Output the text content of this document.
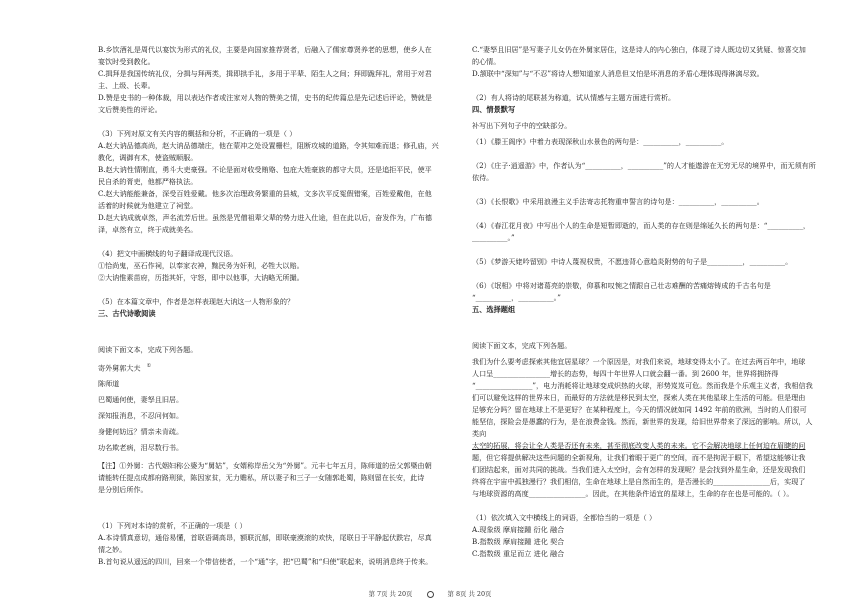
B.乡饮酒礼是周代以宴饮为形式的礼仪，主要是向国家推荐贤者，后融入了儒家尊贤养老的思想，使乡人在

宴饮时受到教化。

C.揖拜是我国传统礼仪，分揖与拜两类，揖即拱手礼，多用于平辈、陌生人之间；拜即跪拜礼，常用于对君

主、上级、长辈。

D.赞是史书的一种体裁，用以表达作者或注家对人物的赞美之情，史书的纪传篇总是先记述后评论，赞就是

文后赞美性的评论。

（3）下列对原文有关内容的概括和分析，不正确的一项是（ ）

A.赵大讷品德高尚，赵大讷品德端庄，他在蒙冲之处设置栅栏，阻断攻城的道路，令其知难而退；修孔庙，兴

教化，调御有术，使盗贼顺服。

B.赵大讷性情刚直，勇斗大吏豪强。不论是面对收受贿赂、包庇大姓豪族的都守大员，还是追拒平民，使平

民自杀的胥吏，他都严格执法。

C.赵大讷能能兼备，深受百姓爱戴。他多次治理政务繁重的县城，文多次平反冤假错案，百姓爱戴他，在他

活着的时候就为他建立了祠堂。

D.赵大讷成就卓然，声名流芳后世。虽然是咒僧祖辈父辈的势力进入仕途，但在此以后，奋发作为，广布德

泽，卓然有立，终于成就美名。

（4）把文中画横线的句子翻译成现代汉语。

①恰尚鬼，巫石作祠，以奉家衣神，黜民务为奸利，必牲大以赔。

②大讷惟素苗府，历指其奸，守怒，即中以他事，大讷略无所撮。

（5）在本篇文章中，作者是怎样表现赵大讷这一人物形象的？

三、古代诗歌阅读

阅读下面文本，完成下列各题。

寄外舅郭大夫 ①

陈师道

巴蜀通何使，妻孥且旧居。

深知报消息，不忍问何如。

身健何妨远？情亲未肯疏。

功名欺老病，泪尽数行书。

【注】①外舅：古代姻妇称公婆为“舅姑”，女婿称岸岳父为“外舅”。元丰七年五月，陈师道的岳父郭槩由朝

请能转任提点成都府路刑狱，陈因家贫，无力赡私，所以妻子和三子一女随郭赴蜀，陈则留在长安，此诗

是分别后所作。

（1）下列对本诗的赏析，不正确的一项是（ ）

A.本诗情真意切，通俗易懂，首联语调高昂，额联沉郁，即联豪漠滚的欢快，尾联日于平静起伏跌宕，尽真

情之妙。

B.首句说从遥远的四川，回来一个带信使者，一个“通”字，把“巴蜀”和“归使”联起来，说明消息终于传来。

C.“妻孥且旧居”是写妻子儿女仍在外舅家居住，这是诗人的内心独白，体现了诗人既边切又犹疑、惊喜交加

的心情。

D.颔联中“深知”与“不忍”将诗人想知道家人消息但又怕是坏消息的矛盾心理体现得淋漓尽致。

（2）有人将诗的尾联甚为称道，试从情感与主题方面进行赏析。

四、情景默写

补写出下列句子中的空缺部分。

（1）《滕王阁序》中着力表现深秋山水景色的两句是：__________，__________。

（2）《庄子·逍遥游》中，作者认为“__________，__________”的人才能遨游在无穷无尽的境界中，而无须有所

依待。

（3）《长恨歌》中采用浪漫主义手法寄志托物重申誓言的诗句是：__________，__________。

（4）《春江花月夜》中写出个人的生命是短暂即逝的，而人类的存在则是绵延久长的两句是：“__________，

__________。”

（5）《梦游天姥吟留别》中诗人蔑视权贵，不愿违背心意趋炎附势的句子是__________，__________。

（6）《氓相》中将对诸葛亮的崇敬，仰慕和叹惋之情跟自己壮志难酬的苦痛熔铸成的千古名句是

“__________，__________。”

五、选择题组

阅读下面文本，完成下列各题。

我们为什么要考虑探索其他宜居星球？一个原因是，对我们来说，地球变得太小了。在过去两百年中，地球

人口呈________________增长的态势，每四十年世界人口就会翻一番。到 2600 年，世界将拥挤得

“________________”，电力消耗将让地球变成炽热的火球，形势岌岌可危。然而我是个乐观主义者，我相信我

们可以避免这样的世界末日，而最好的方法就是移民到太空，探索人类在其他星球上生活的可能。但是理由

足够充分吗？留在地球上不是更好？在某种程度上，今天的情况就如同 1492 年前的欧洲，当时的人们很可

能坚信，探险会是愚蠢的行为，是在浪费金钱。然而，新世界的发现，给旧世界带来了深远的影响。所以，人类向

太空的拓展，将会让全人类是否还有未来，甚至彻底改变人类的未来。它不会解决地球上任何迫在眉睫的问

题，但它将提供解决这些问题的全新视角，让我们着眼于更广的空间，而不是拘泥于眼下，希望这能够让我

们团结起来，面对共同的挑战。当我们进入太空时，会有怎样的发现呢？是会找到外星生命，还是发现我们

终将在宇宙中孤独漫行？我们相信，生命在地球上是自然而生的，是否漫长的________________后，实现了

与地球资源的高度________________。因此，在其他条件适宜的星球上，生命的存在也是可能的。（ ）。

（1）依次填入文中横线上的词语，全都恰当的一项是（ ）

A.现象级 摩肩接踵 衍化 融合

B.指数级 摩肩接踵 进化 契合

C.指数级 重足而立 进化 融合

第 7页 共 20页	第 8页 共 20页
